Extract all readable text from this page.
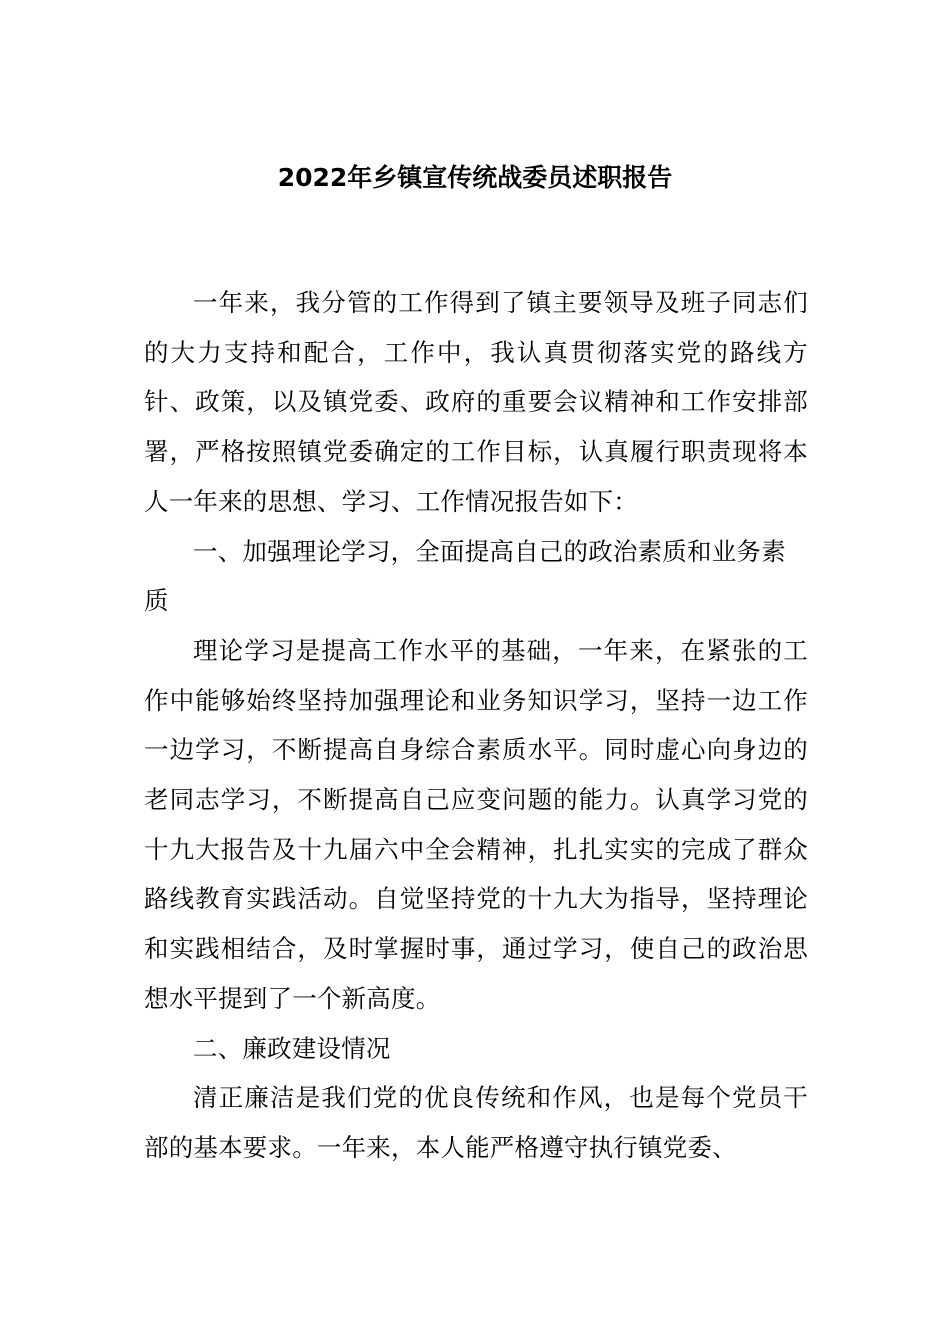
2022年乡镇宣传统战委员述职报告

一年来，我分管的工作得到了镇主要领导及班子同志们的大力支持和配合，工作中，我认真贯彻落实党的路线方针、政策，以及镇党委、政府的重要会议精神和工作安排部署，严格按照镇党委确定的工作目标，认真履行职责现将本人一年来的思想、学习、工作情况报告如下：

一、加强理论学习，全面提高自己的政治素质和业务素质

理论学习是提高工作水平的基础，一年来，在紧张的工作中能够始终坚持加强理论和业务知识学习，坚持一边工作一边学习，不断提高自身综合素质水平。同时虚心向身边的老同志学习，不断提高自己应变问题的能力。认真学习党的十九大报告及十九届六中全会精神，扎扎实实的完成了群众路线教育实践活动。自觉坚持党的十九大为指导，坚持理论和实践相结合，及时掌握时事，通过学习，使自己的政治思想水平提到了一个新高度。

二、廉政建设情况

清正廉洁是我们党的优良传统和作风，也是每个党员干部的基本要求。一年来，本人能严格遵守执行镇党委、
